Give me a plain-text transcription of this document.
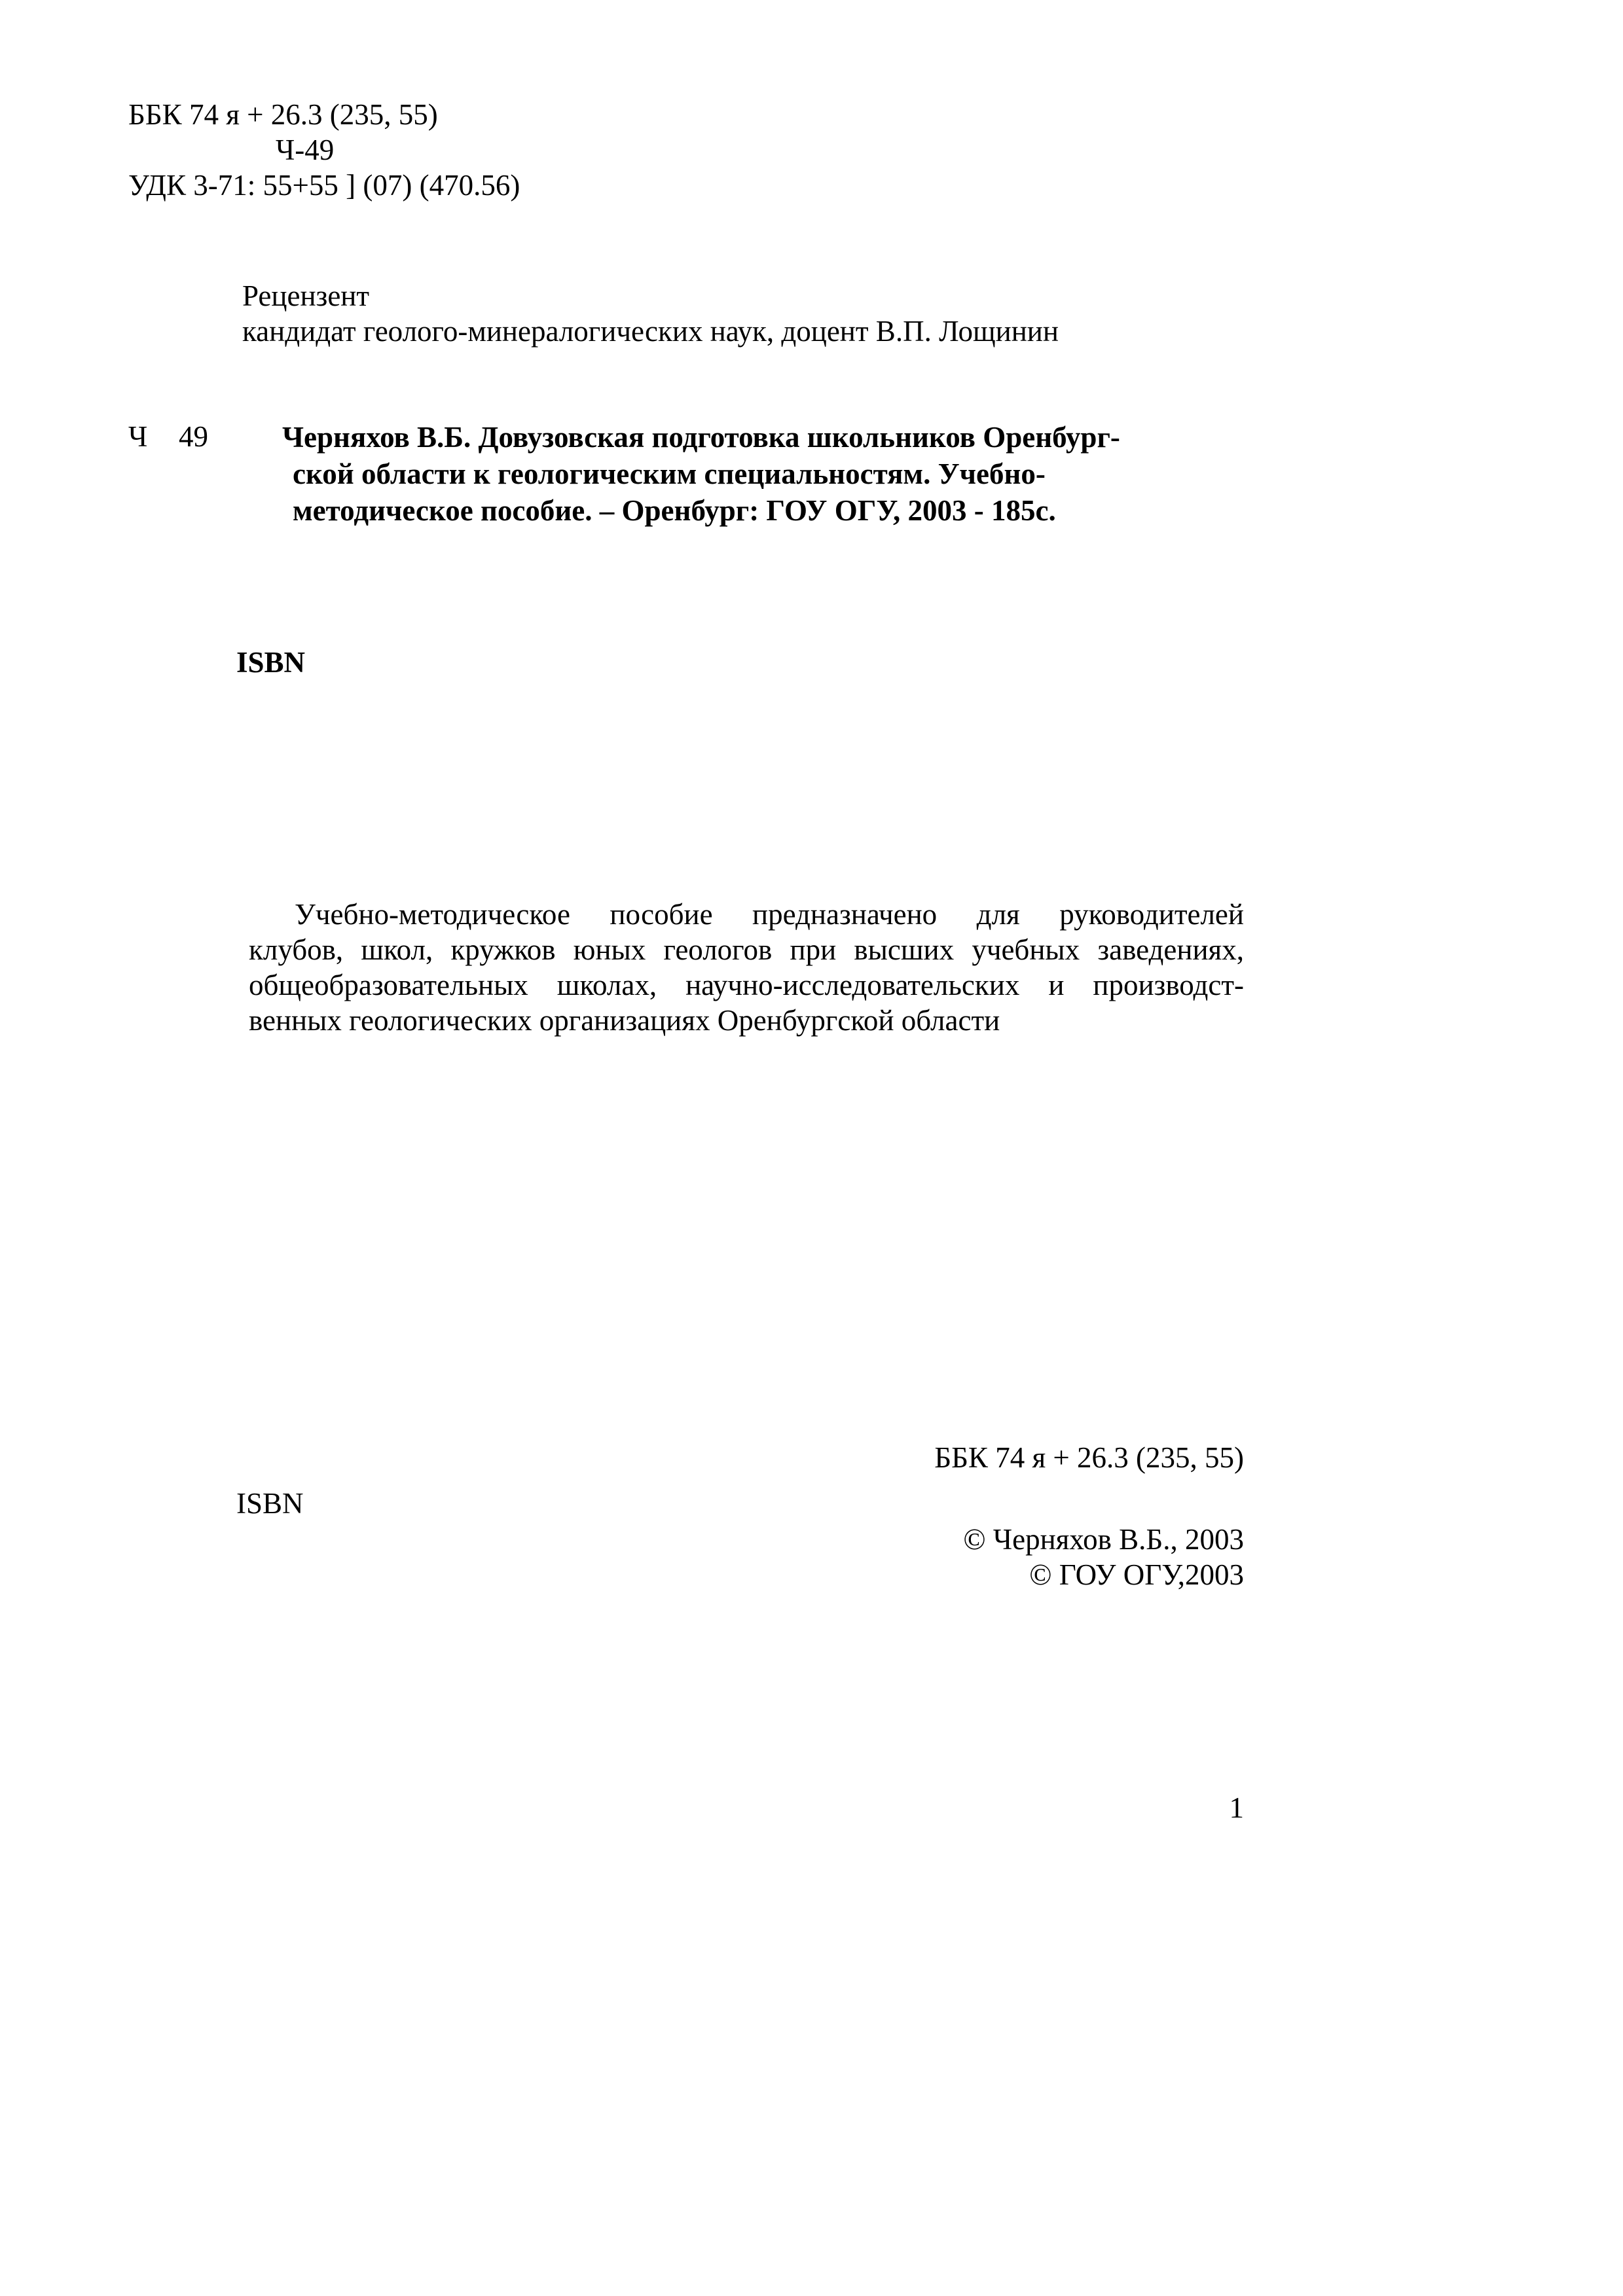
ББК 74 я + 26.3 (235, 55)
Ч-49
УДК 3-71: 55+55 ] (07) (470.56)
Рецензент
кандидат геолого-минералогических наук, доцент В.П. Лощинин
Ч 49	Черняхов В.Б. Довузовская подготовка школьников Оренбург-
ской области к геологическим специальностям. Учебно-
методическое пособие. – Оренбург: ГОУ ОГУ, 2003 - 185с.
ISBN
Учебно-методическое пособие предназначено для руководителей
клубов, школ, кружков юных геологов при высших учебных заведениях,
общеобразовательных школах, научно-исследовательских и производст-
венных геологических организациях Оренбургской области
ББК 74 я + 26.3 (235, 55)
ISBN
© Черняхов В.Б., 2003
© ГОУ ОГУ,2003
1
